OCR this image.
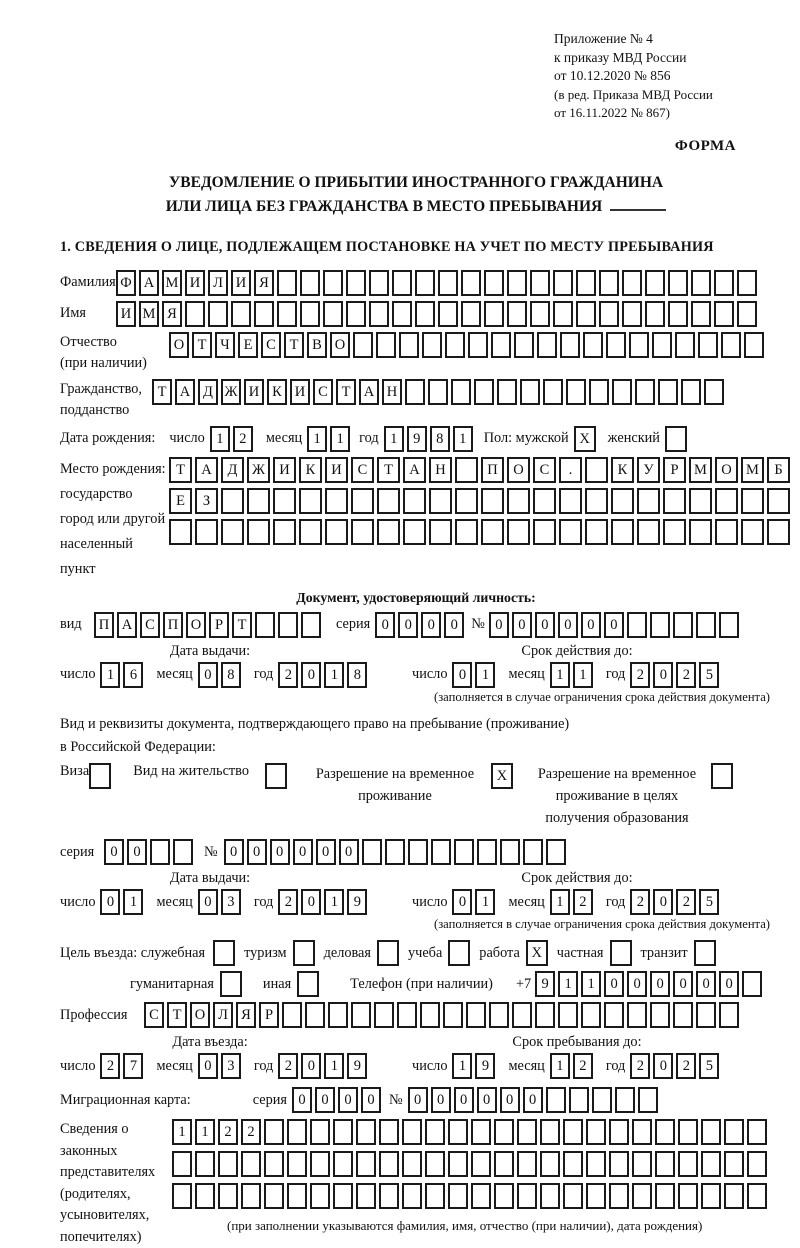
Приложение № 4
к приказу МВД России
от 10.12.2020 № 856
(в ред. Приказа МВД России
от 16.11.2022 № 867)
ФОРМА
УВЕДОМЛЕНИЕ О ПРИБЫТИИ ИНОСТРАННОГО ГРАЖДАНИНА
ИЛИ ЛИЦА БЕЗ ГРАЖДАНСТВА В МЕСТО ПРЕБЫВАНИЯ
1. СВЕДЕНИЯ О ЛИЦЕ, ПОДЛЕЖАЩЕМ ПОСТАНОВКЕ НА УЧЕТ ПО МЕСТУ ПРЕБЫВАНИЯ
Фамилия Ф А М И Л И Я
Имя	И М Я
Отчество
(при наличии)
О Т Ч Е С Т В О
Гражданство,
подданство
Т А Д Ж И К И С Т А Н
Дата рождения: число 1	2	месяц 1	1	год 1	9	8	1	Пол: мужской X	женский
Место рождения:
государство
город или другой
населенный пункт
Т	А	Д	Ж И	К	И	С	Т	А	Н	П	О	С	.	К	У	Р	М О М	Б

Е	З

Документ, удостоверяющий личность:
вид	П А С П О Р	Т	серия 0	0	0	0 № 0	0	0	0	0	0
Дата выдачи:
число 1	6	месяц 0	8	год 2	0	1	8
Срок действия до:
число 0	1	месяц 1	1	год 2	0	2	5
(заполняется в случае ограничения срока действия документа)
Вид и реквизиты документа, подтверждающего право на пребывание (проживание)
в Российской Федерации:
Виза	Вид на жительство	Разрешение на временное проживание
X	Разрешение на временное проживание в целях получения образования
серия	0	0	№ 0	0	0	0	0	0
Дата выдачи:
число 0	1	месяц 0	3	год 2	0	1	9
Срок действия до:
число 0	1	месяц 1	2	год 2	0	2	5
(заполняется в случае ограничения срока действия документа)
Цель въезда: служебная	туризм	деловая	учеба	работа X	частная	транзит
гуманитарная	иная	Телефон (при наличии) +7 9	1	1	0	0	0	0	0	0
Профессия	С Т О Л Я Р
Дата въезда:
число 2	7	месяц 0	3	год 2	0	1	9
Срок пребывания до:
число 1	9	месяц 1	2	год 2	0	2	5
Миграционная карта:	серия 0	0	0	0	№ 0	0	0	0	0	0
Сведения о
законных
представителях
(родителях,
усыновителях,
попечителях)
1	1	2	2

(при заполнении указываются фамилия, имя, отчество (при наличии), дата рождения)
